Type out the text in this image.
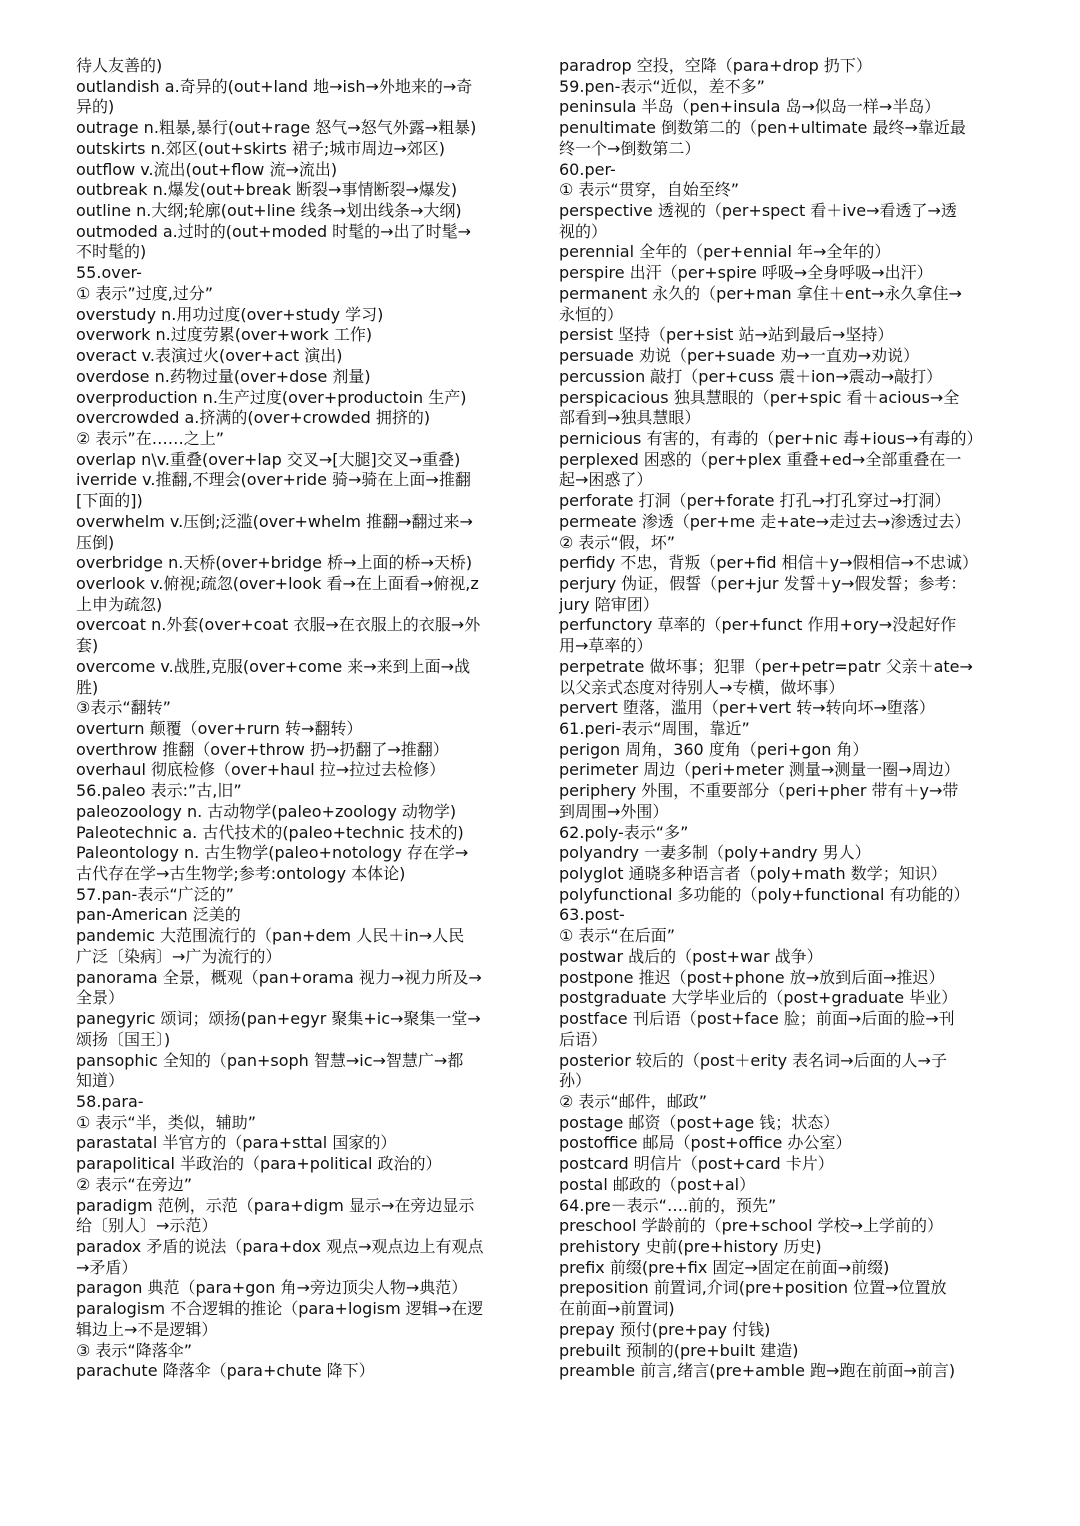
待人友善的)
outlandish a.奇异的(out+land 地→ish→外地来的→奇
异的)
outrage n.粗暴,暴行(out+rage 怒气→怒气外露→粗暴)
outskirts n.郊区(out+skirts 裙子;城市周边→郊区)
outflow v.流出(out+flow 流→流出)
outbreak n.爆发(out+break 断裂→事情断裂→爆发)
outline n.大纲;轮廓(out+line 线条→划出线条→大纲)
outmoded a.过时的(out+moded 时髦的→出了时髦→
不时髦的)
55.over-
① 表示”过度,过分”
overstudy n.用功过度(over+study 学习)
overwork n.过度劳累(over+work 工作)
overact v.表演过火(over+act 演出)
overdose n.药物过量(over+dose 剂量)
overproduction n.生产过度(over+productoin 生产)
overcrowded a.挤满的(over+crowded 拥挤的)
② 表示”在……之上”
overlap n\v.重叠(over+lap 交叉→[大腿]交叉→重叠)
iverride v.推翻,不理会(over+ride 骑→骑在上面→推翻
[下面的])
overwhelm v.压倒;泛滥(over+whelm 推翻→翻过来→
压倒)
overbridge n.天桥(over+bridge 桥→上面的桥→天桥)
overlook v.俯视;疏忽(over+look 看→在上面看→俯视,z
上申为疏忽)
overcoat n.外套(over+coat 衣服→在衣服上的衣服→外
套)
overcome v.战胜,克服(over+come 来→来到上面→战
胜)
③表示“翻转”
overturn 颠覆（over+rurn 转→翻转）
overthrow 推翻（over+throw 扔→扔翻了→推翻）
overhaul 彻底检修（over+haul 拉→拉过去检修）
56.paleo 表示:”古,旧”
paleozoology n. 古动物学(paleo+zoology 动物学)
Paleotechnic a. 古代技术的(paleo+technic 技术的)
Paleontology n. 古生物学(paleo+notology 存在学→
古代存在学→古生物学;参考:ontology 本体论)
57.pan-表示“广泛的”
pan-American 泛美的
pandemic 大范围流行的（pan+dem 人民＋in→人民
广泛〔染病〕→广为流行的）
panorama 全景，概观（pan+orama 视力→视力所及→
全景）
panegyric 颂词；颂扬(pan+egyr 聚集+ic→聚集一堂→
颂扬〔国王〕)
pansophic 全知的（pan+soph 智慧→ic→智慧广→都
知道）
58.para-
① 表示“半，类似，辅助”
parastatal 半官方的（para+sttal 国家的）
parapolitical 半政治的（para+political 政治的）
② 表示“在旁边”
paradigm 范例，示范（para+digm 显示→在旁边显示
给〔别人〕→示范）
paradox 矛盾的说法（para+dox 观点→观点边上有观点
→矛盾）
paragon 典范（para+gon 角→旁边顶尖人物→典范）
paralogism 不合逻辑的推论（para+logism 逻辑→在逻
辑边上→不是逻辑）
③ 表示“降落伞”
parachute 降落伞（para+chute 降下）
paradrop 空投，空降（para+drop 扔下）
59.pen-表示“近似，差不多”
peninsula 半岛（pen+insula 岛→似岛一样→半岛）
penultimate 倒数第二的（pen+ultimate 最终→靠近最
终一个→倒数第二）
60.per-
① 表示“贯穿，自始至终”
perspective 透视的（per+spect 看＋ive→看透了→透
视的）
perennial 全年的（per+ennial 年→全年的）
perspire 出汗（per+spire 呼吸→全身呼吸→出汗）
permanent 永久的（per+man 拿住＋ent→永久拿住→
永恒的）
persist 坚持（per+sist 站→站到最后→坚持）
persuade 劝说（per+suade 劝→一直劝→劝说）
percussion 敲打（per+cuss 震＋ion→震动→敲打）
perspicacious 独具慧眼的（per+spic 看＋acious→全
部看到→独具慧眼）
pernicious 有害的，有毒的（per+nic 毒+ious→有毒的）
perplexed 困惑的（per+plex 重叠+ed→全部重叠在一
起→困惑了）
perforate 打洞（per+forate 打孔→打孔穿过→打洞）
permeate 渗透（per+me 走+ate→走过去→渗透过去）
② 表示“假，坏”
perfidy 不忠，背叛（per+fid 相信＋y→假相信→不忠诚）
perjury 伪证，假誓（per+jur 发誓＋y→假发誓；参考：
jury 陪审团）
perfunctory 草率的（per+funct 作用+ory→没起好作
用→草率的）
perpetrate 做坏事；犯罪（per+petr=patr 父亲＋ate→
以父亲式态度对待别人→专横，做坏事）
pervert 堕落，滥用（per+vert 转→转向坏→堕落）
61.peri-表示“周围，靠近”
perigon 周角，360 度角（peri+gon 角）
perimeter 周边（peri+meter 测量→测量一圈→周边）
periphery 外围，不重要部分（peri+pher 带有＋y→带
到周围→外围）
62.poly-表示“多”
polyandry 一妻多制（poly+andry 男人）
polyglot 通晓多种语言者（poly+math 数学；知识）
polyfunctional 多功能的（poly+functional 有功能的）
63.post-
① 表示“在后面”
postwar 战后的（post+war 战争）
postpone 推迟（post+phone 放→放到后面→推迟）
postgraduate 大学毕业后的（post+graduate 毕业）
postface 刊后语（post+face 脸；前面→后面的脸→刊
后语）
posterior 较后的（post＋erity 表名词→后面的人→子
孙）
② 表示“邮件，邮政”
postage 邮资（post+age 钱；状态）
postoffice 邮局（post+office 办公室）
postcard 明信片（post+card 卡片）
postal 邮政的（post+al）
64.pre－表示“….前的，预先”
preschool 学龄前的（pre+school 学校→上学前的）
prehistory 史前(pre+history 历史)
prefix 前缀(pre+fix 固定→固定在前面→前缀)
preposition 前置词,介词(pre+position 位置→位置放
在前面→前置词)
prepay 预付(pre+pay 付钱)
prebuilt 预制的(pre+built 建造)
preamble 前言,绪言(pre+amble 跑→跑在前面→前言)
